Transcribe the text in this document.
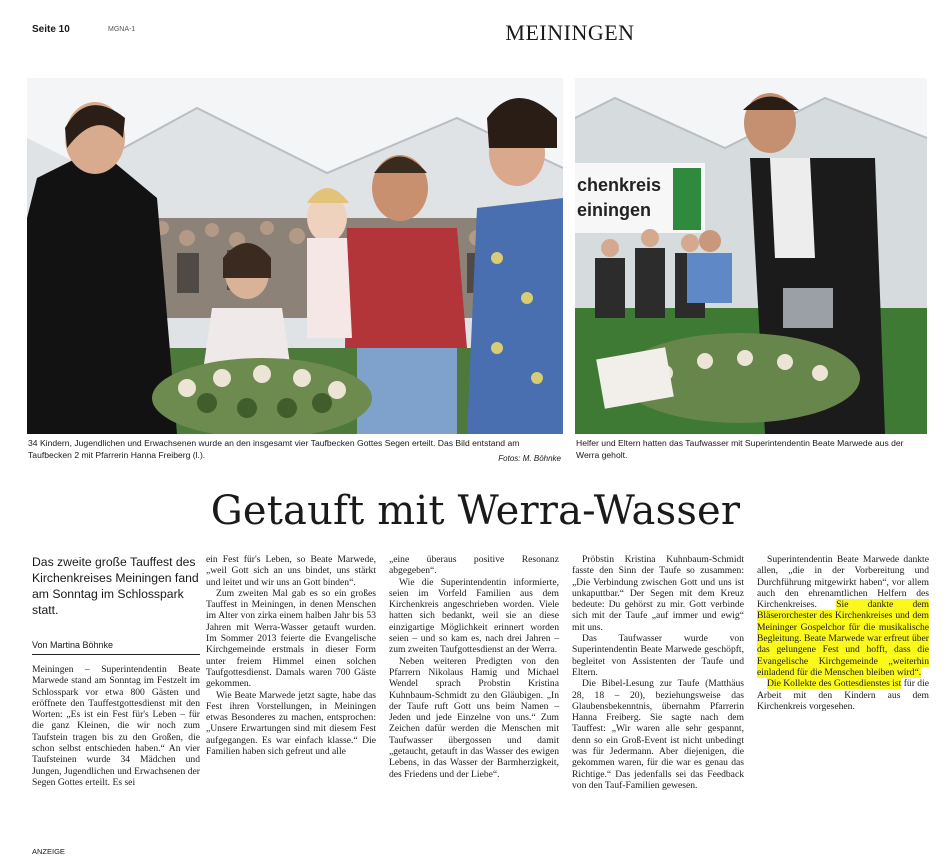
Seite 10	MGNA-1	MEININGEN
chenkreis
einingen
34 Kindern, Jugendlichen und Erwachsenen wurde an den insgesamt vier Taufbecken Gottes Segen erteilt. Das Bild entstand am Taufbecken 2 mit Pfarrerin Hanna Freiberg (l.).	Fotos: M. Böhnke
Helfer und Eltern hatten das Taufwasser mit Superintendentin Beate Marwede aus der Werra geholt.
Getauft mit Werra-Wasser
Das zweite große Tauffest des Kirchenkreises Meiningen fand am Sonntag im Schlosspark statt.
Von Martina Böhnke

Meiningen – Superintendentin Beate Marwede stand am Sonntag im Festzelt im Schlosspark vor etwa 800 Gästen und eröffnete den Tauffestgottesdienst mit den Worten: „Es ist ein Fest für's Leben – für die ganz Kleinen, die wir noch zum Taufstein tragen bis zu den Großen, die schon selbst entschieden haben.“ An vier Taufsteinen wurde 34 Mädchen und Jungen, Jugendlichen und Erwachsenen der Segen Gottes erteilt. Es sei

ein Fest für's Leben, so Beate Marwede, „weil Gott sich an uns bindet, uns stärkt und leitet und wir uns an Gott binden“.

Zum zweiten Mal gab es so ein großes Tauffest in Meiningen, in denen Menschen im Alter von zirka einem halben Jahr bis 53 Jahren mit Werra-Wasser getauft wurden. Im Sommer 2013 feierte die Evangelische Kirchgemeinde erstmals in dieser Form unter freiem Himmel einen solchen Taufgottesdienst. Damals waren 700 Gäste gekommen.

Wie Beate Marwede jetzt sagte, habe das Fest ihren Vorstellungen, in Meiningen etwas Besonderes zu machen, entsprochen: „Unsere Erwartungen sind mit diesem Fest aufgegangen. Es war einfach klasse.“ Die Familien haben sich gefreut und alle

„eine überaus positive Resonanz abgegeben“.

Wie die Superintendentin informierte, seien im Vorfeld Familien aus dem Kirchenkreis angeschrieben worden. Viele hatten sich bedankt, weil sie an diese einzigartige Möglichkeit erinnert worden seien – und so kam es, nach drei Jahren – zum zweiten Taufgottesdienst an der Werra.

Neben weiteren Predigten von den Pfarrern Nikolaus Hamig und Michael Wendel sprach Probstin Kristina Kuhnbaum-Schmidt zu den Gläubigen. „In der Taufe ruft Gott uns beim Namen – Jeden und jede Einzelne von uns.“ Zum Zeichen dafür werden die Menschen mit Taufwasser übergossen und damit „getaucht, getauft in das Wasser des ewigen Lebens, in das Wasser der Barmherzigkeit, des Friedens und der Liebe“.

Pröbstin Kristina Kuhnbaum-Schmidt fasste den Sinn der Taufe so zusammen: „Die Verbindung zwischen Gott und uns ist unkaputtbar.“ Der Segen mit dem Kreuz bedeute: Du gehörst zu mir. Gott verbinde sich mit der Taufe „auf immer und ewig“ mit uns.

Das Taufwasser wurde von Superintendentin Beate Marwede geschöpft, begleitet von Assistenten der Taufe und Eltern.

Die Bibel-Lesung zur Taufe (Matthäus 28, 18 – 20), beziehungsweise das Glaubensbekenntnis, übernahm Pfarrerin Hanna Freiberg. Sie sagte nach dem Tauffest: „Wir waren alle sehr gespannt, denn so ein Groß-Event ist nicht unbedingt was für Jedermann. Aber diejenigen, die gekommen waren, für die war es genau das Richtige.“ Das jedenfalls sei das Feedback von den Tauf-Familien gewesen.

Superintendentin Beate Marwede dankte allen, „die in der Vorbereitung und Durchführung mitgewirkt haben“, vor allem auch den ehrenamtlichen Helfern des Kirchenkreises. Sie dankte dem Bläserorchester des Kirchenkreises und dem Meininger Gospelchor für die musikalische Begleitung. Beate Marwede war erfreut über das gelungene Fest und hofft, dass die Evangelische Kirchgemeinde „weiterhin einladend für die Menschen bleiben wird“.

Die Kollekte des Gottesdienstes ist für die Arbeit mit den Kindern aus dem Kirchenkreis vorgesehen.

ANZEIGE
